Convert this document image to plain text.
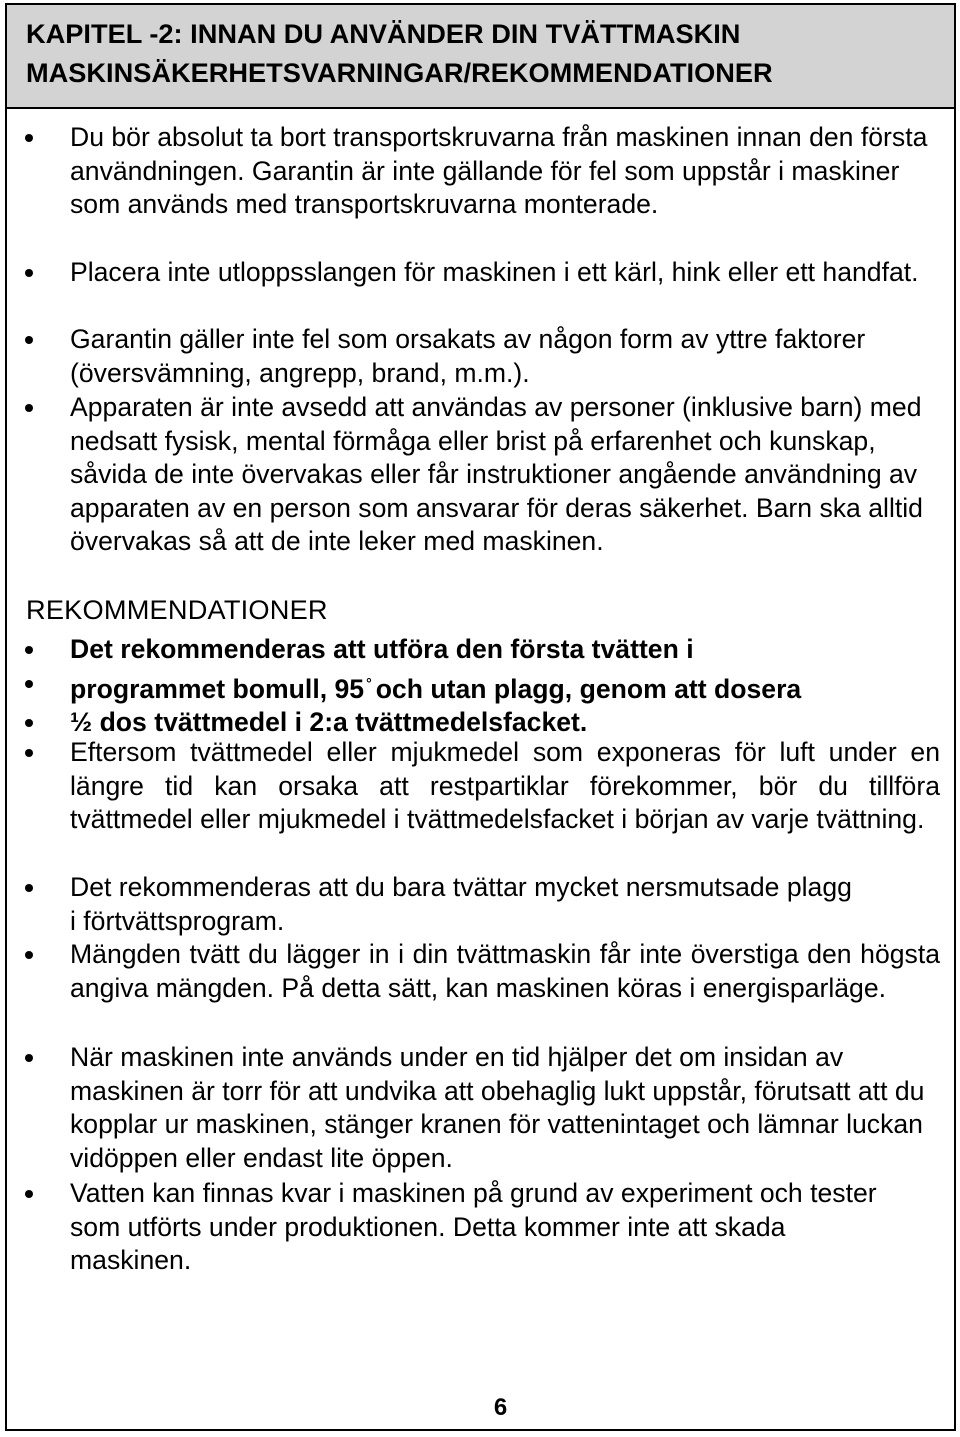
KAPITEL -2: INNAN DU ANVÄNDER DIN TVÄTTMASKIN
MASKINSÄKERHETSVARNINGAR/REKOMMENDATIONER
Du bör absolut ta bort transportskruvarna från maskinen innan den första användningen. Garantin är inte gällande för fel som uppstår i maskiner som används med transportskruvarna monterade.
Placera inte utloppsslangen för maskinen i ett kärl, hink eller ett handfat.
Garantin gäller inte fel som orsakats av någon form av yttre faktorer (översvämning, angrepp, brand, m.m.).
Apparaten är inte avsedd att användas av personer (inklusive barn) med nedsatt fysisk, mental förmåga eller brist på erfarenhet och kunskap, såvida de inte övervakas eller får instruktioner angående användning av apparaten av en person som ansvarar för deras säkerhet. Barn ska alltid övervakas så att de inte leker med maskinen.
REKOMMENDATIONER
Det rekommenderas att utföra den första tvätten i
programmet bomull, 95 ° och utan plagg, genom att dosera
½ dos tvättmedel i 2:a tvättmedelsfacket.
Eftersom tvättmedel eller mjukmedel som exponeras för luft under en längre tid kan orsaka att restpartiklar förekommer, bör du tillföra tvättmedel eller mjukmedel i tvättmedelsfacket i början av varje tvättning.
Det rekommenderas att du bara tvättar mycket nersmutsade plagg i förtvättsprogram.
Mängden tvätt du lägger in i din tvättmaskin får inte överstiga den högsta angiva mängden. På detta sätt, kan maskinen köras i energisparläge.
När maskinen inte används under en tid hjälper det om insidan av maskinen är torr för att undvika att obehaglig lukt uppstår, förutsatt att du kopplar ur maskinen, stänger kranen för vattenintaget och lämnar luckan vidöppen eller endast lite öppen.
Vatten kan finnas kvar i maskinen på grund av experiment och tester som utförts under produktionen. Detta kommer inte att skada maskinen.
6
